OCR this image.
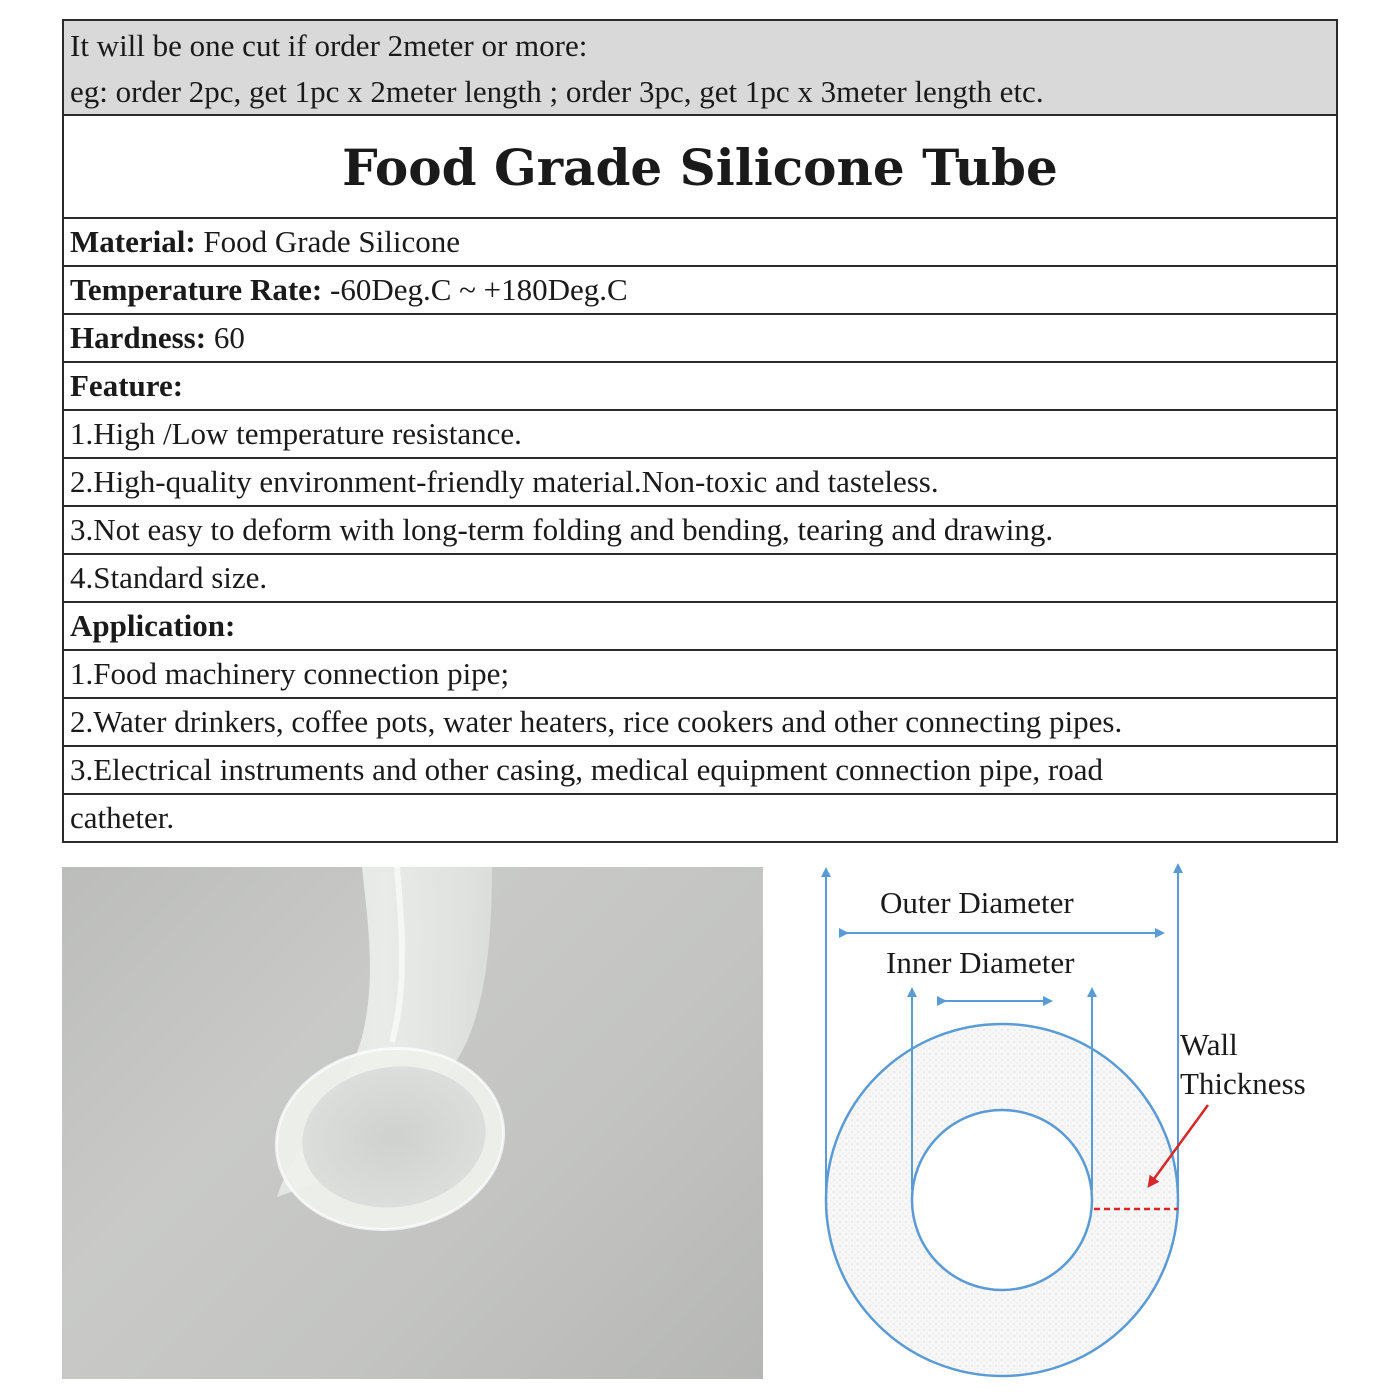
It will be one cut if order 2meter or more:
eg: order 2pc, get 1pc x 2meter length ; order 3pc, get 1pc x 3meter length etc.
Food Grade Silicone Tube
Material: Food Grade Silicone
Temperature Rate: -60Deg.C ~ +180Deg.C
Hardness: 60
Feature:
1.High /Low temperature resistance.
2.High-quality environment-friendly material.Non-toxic and tasteless.
3.Not easy to deform with long-term folding and bending, tearing and drawing.
4.Standard size.
Application:
1.Food machinery connection pipe;
2.Water drinkers, coffee pots, water heaters, rice cookers and other connecting pipes.
3.Electrical instruments and other casing, medical equipment connection pipe, road
catheter.
Outer Diameter
Inner Diameter
Wall
Thickness
